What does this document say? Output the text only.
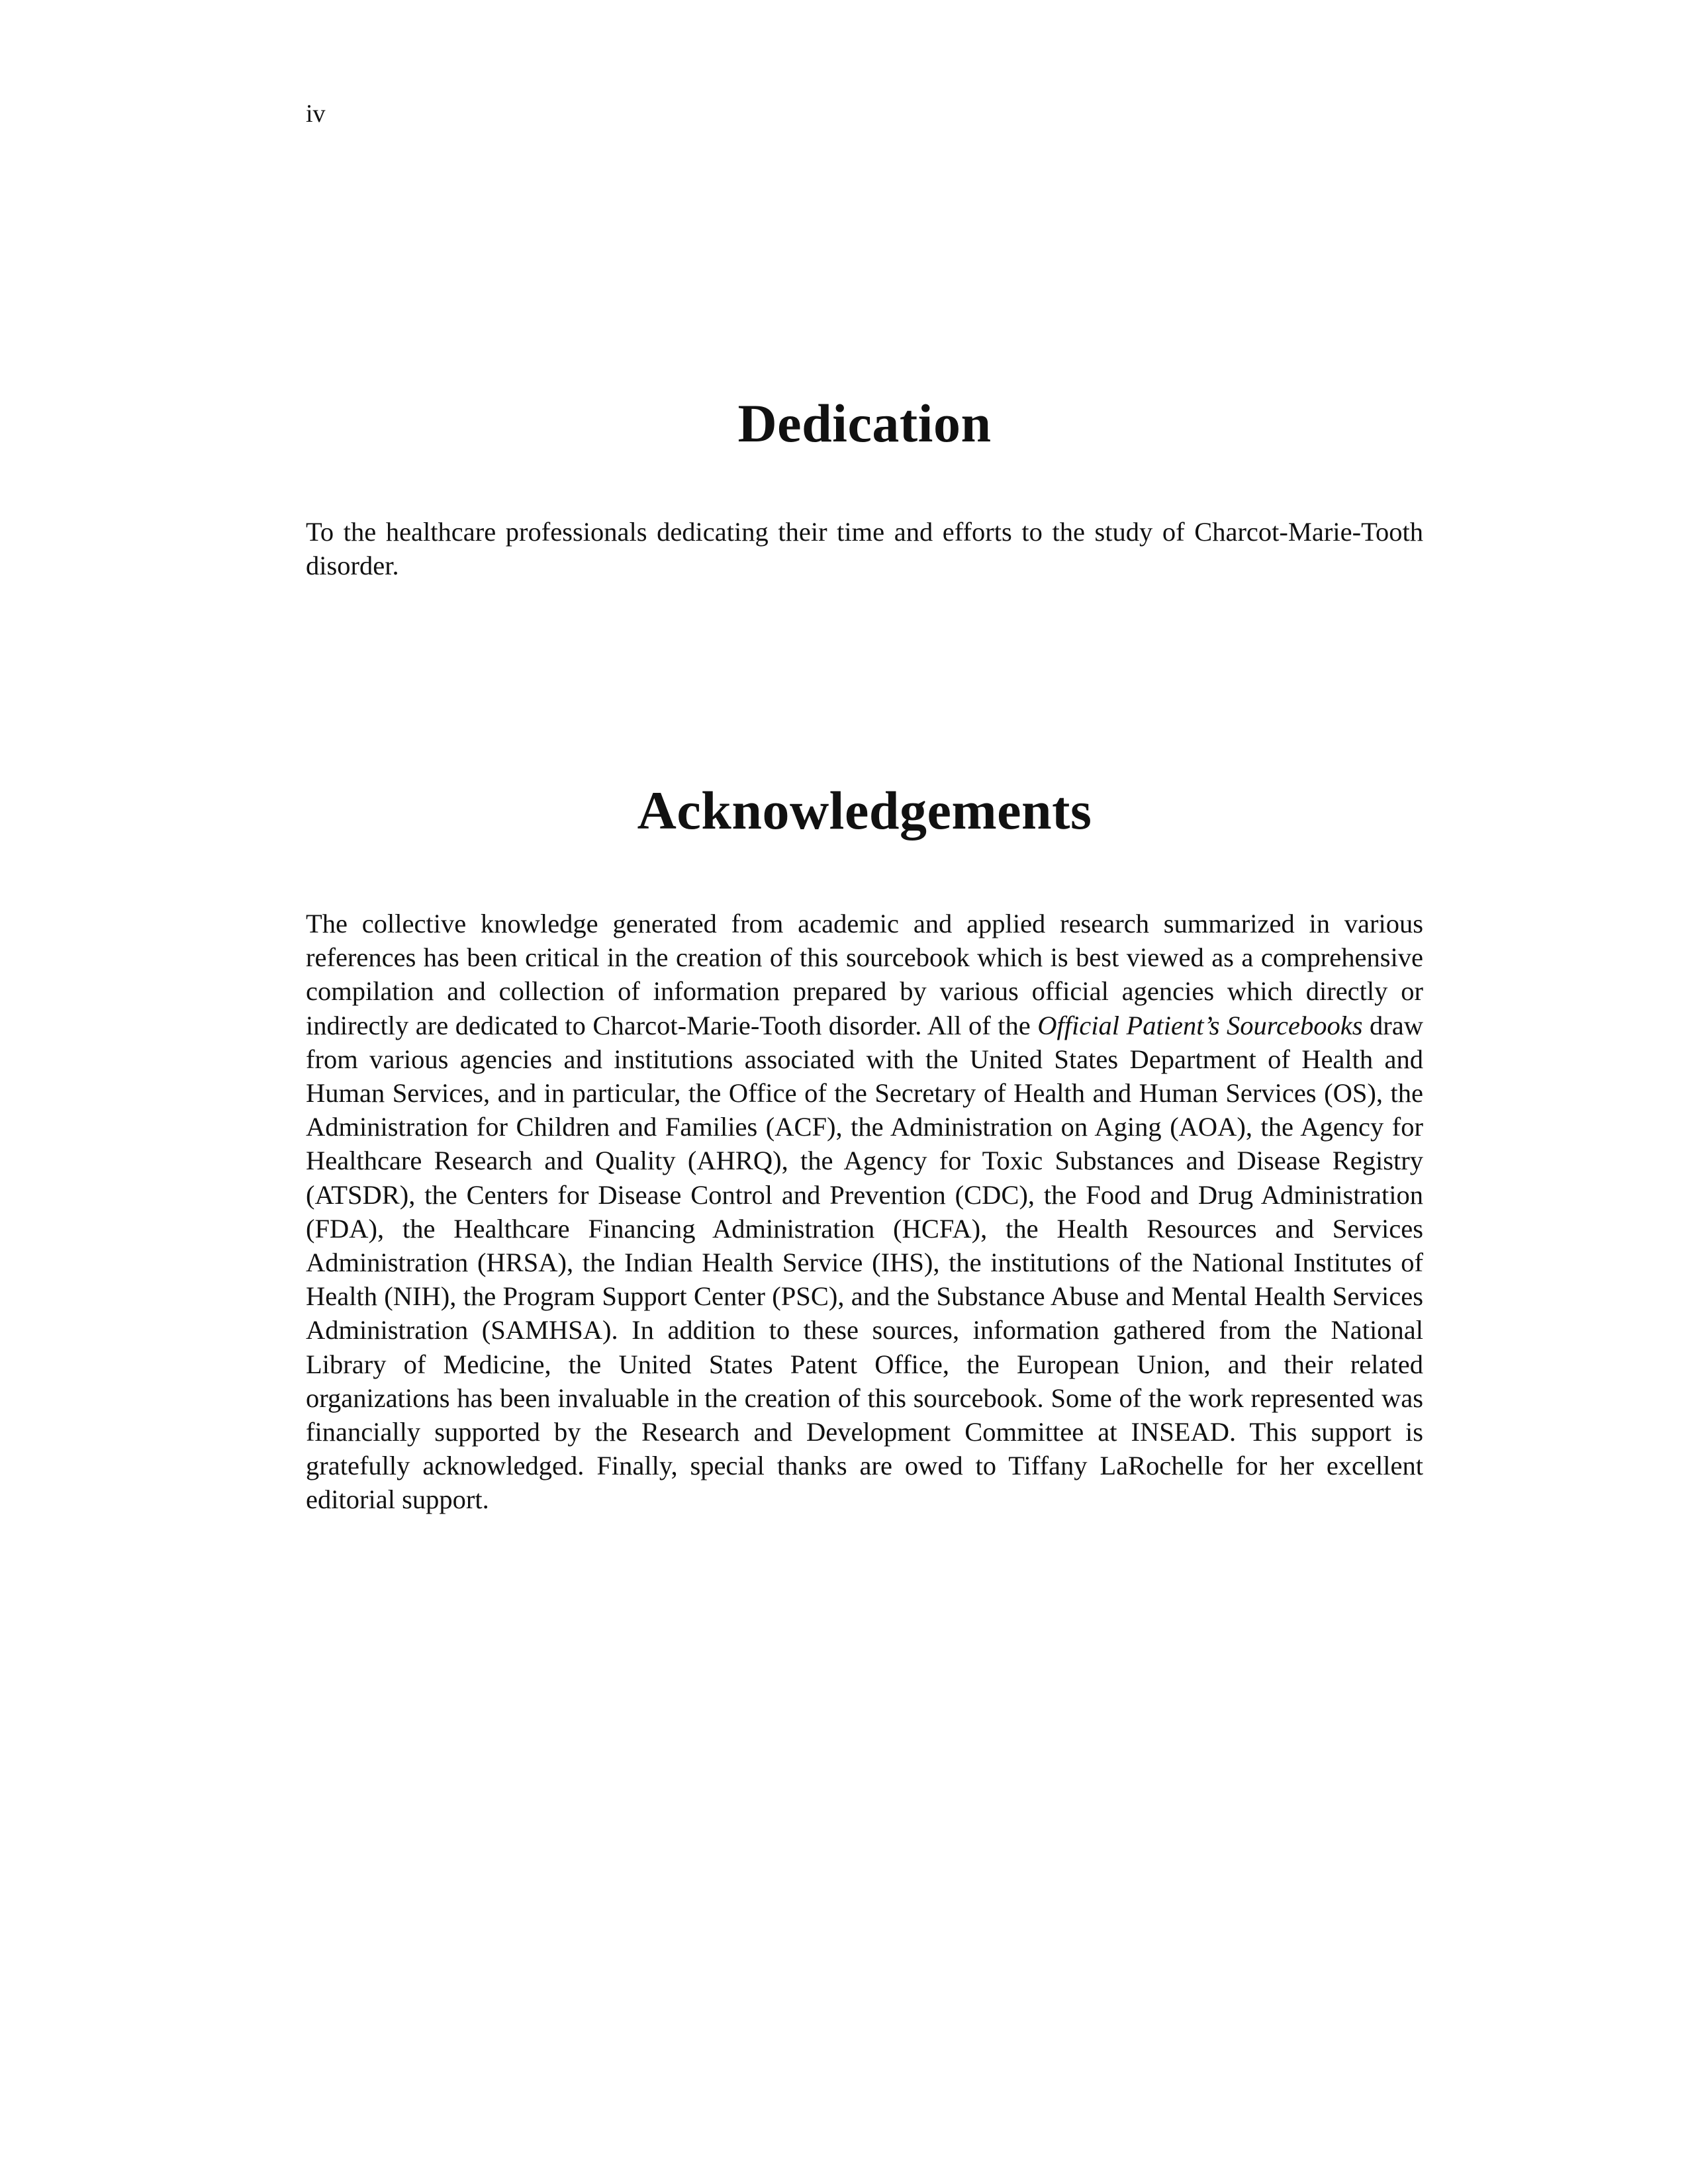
iv
Dedication

To the healthcare professionals dedicating their time and efforts to the study of Charcot-Marie-Tooth disorder.

Acknowledgements

The collective knowledge generated from academic and applied research summarized in various references has been critical in the creation of this sourcebook which is best viewed as a comprehensive compilation and collection of information prepared by various official agencies which directly or indirectly are dedicated to Charcot-Marie-Tooth disorder. All of the Official Patient’s Sourcebooks draw from various agencies and institutions associated with the United States Department of Health and Human Services, and in particular, the Office of the Secretary of Health and Human Services (OS), the Administration for Children and Families (ACF), the Administration on Aging (AOA), the Agency for Healthcare Research and Quality (AHRQ), the Agency for Toxic Substances and Disease Registry (ATSDR), the Centers for Disease Control and Prevention (CDC), the Food and Drug Administration (FDA), the Healthcare Financing Administration (HCFA), the Health Resources and Services Administration (HRSA), the Indian Health Service (IHS), the institutions of the National Institutes of Health (NIH), the Program Support Center (PSC), and the Substance Abuse and Mental Health Services Administration (SAMHSA). In addition to these sources, information gathered from the National Library of Medicine, the United States Patent Office, the European Union, and their related organizations has been invaluable in the creation of this sourcebook. Some of the work represented was financially supported by the Research and Development Committee at INSEAD. This support is gratefully acknowledged. Finally, special thanks are owed to Tiffany LaRochelle for her excellent editorial support.
